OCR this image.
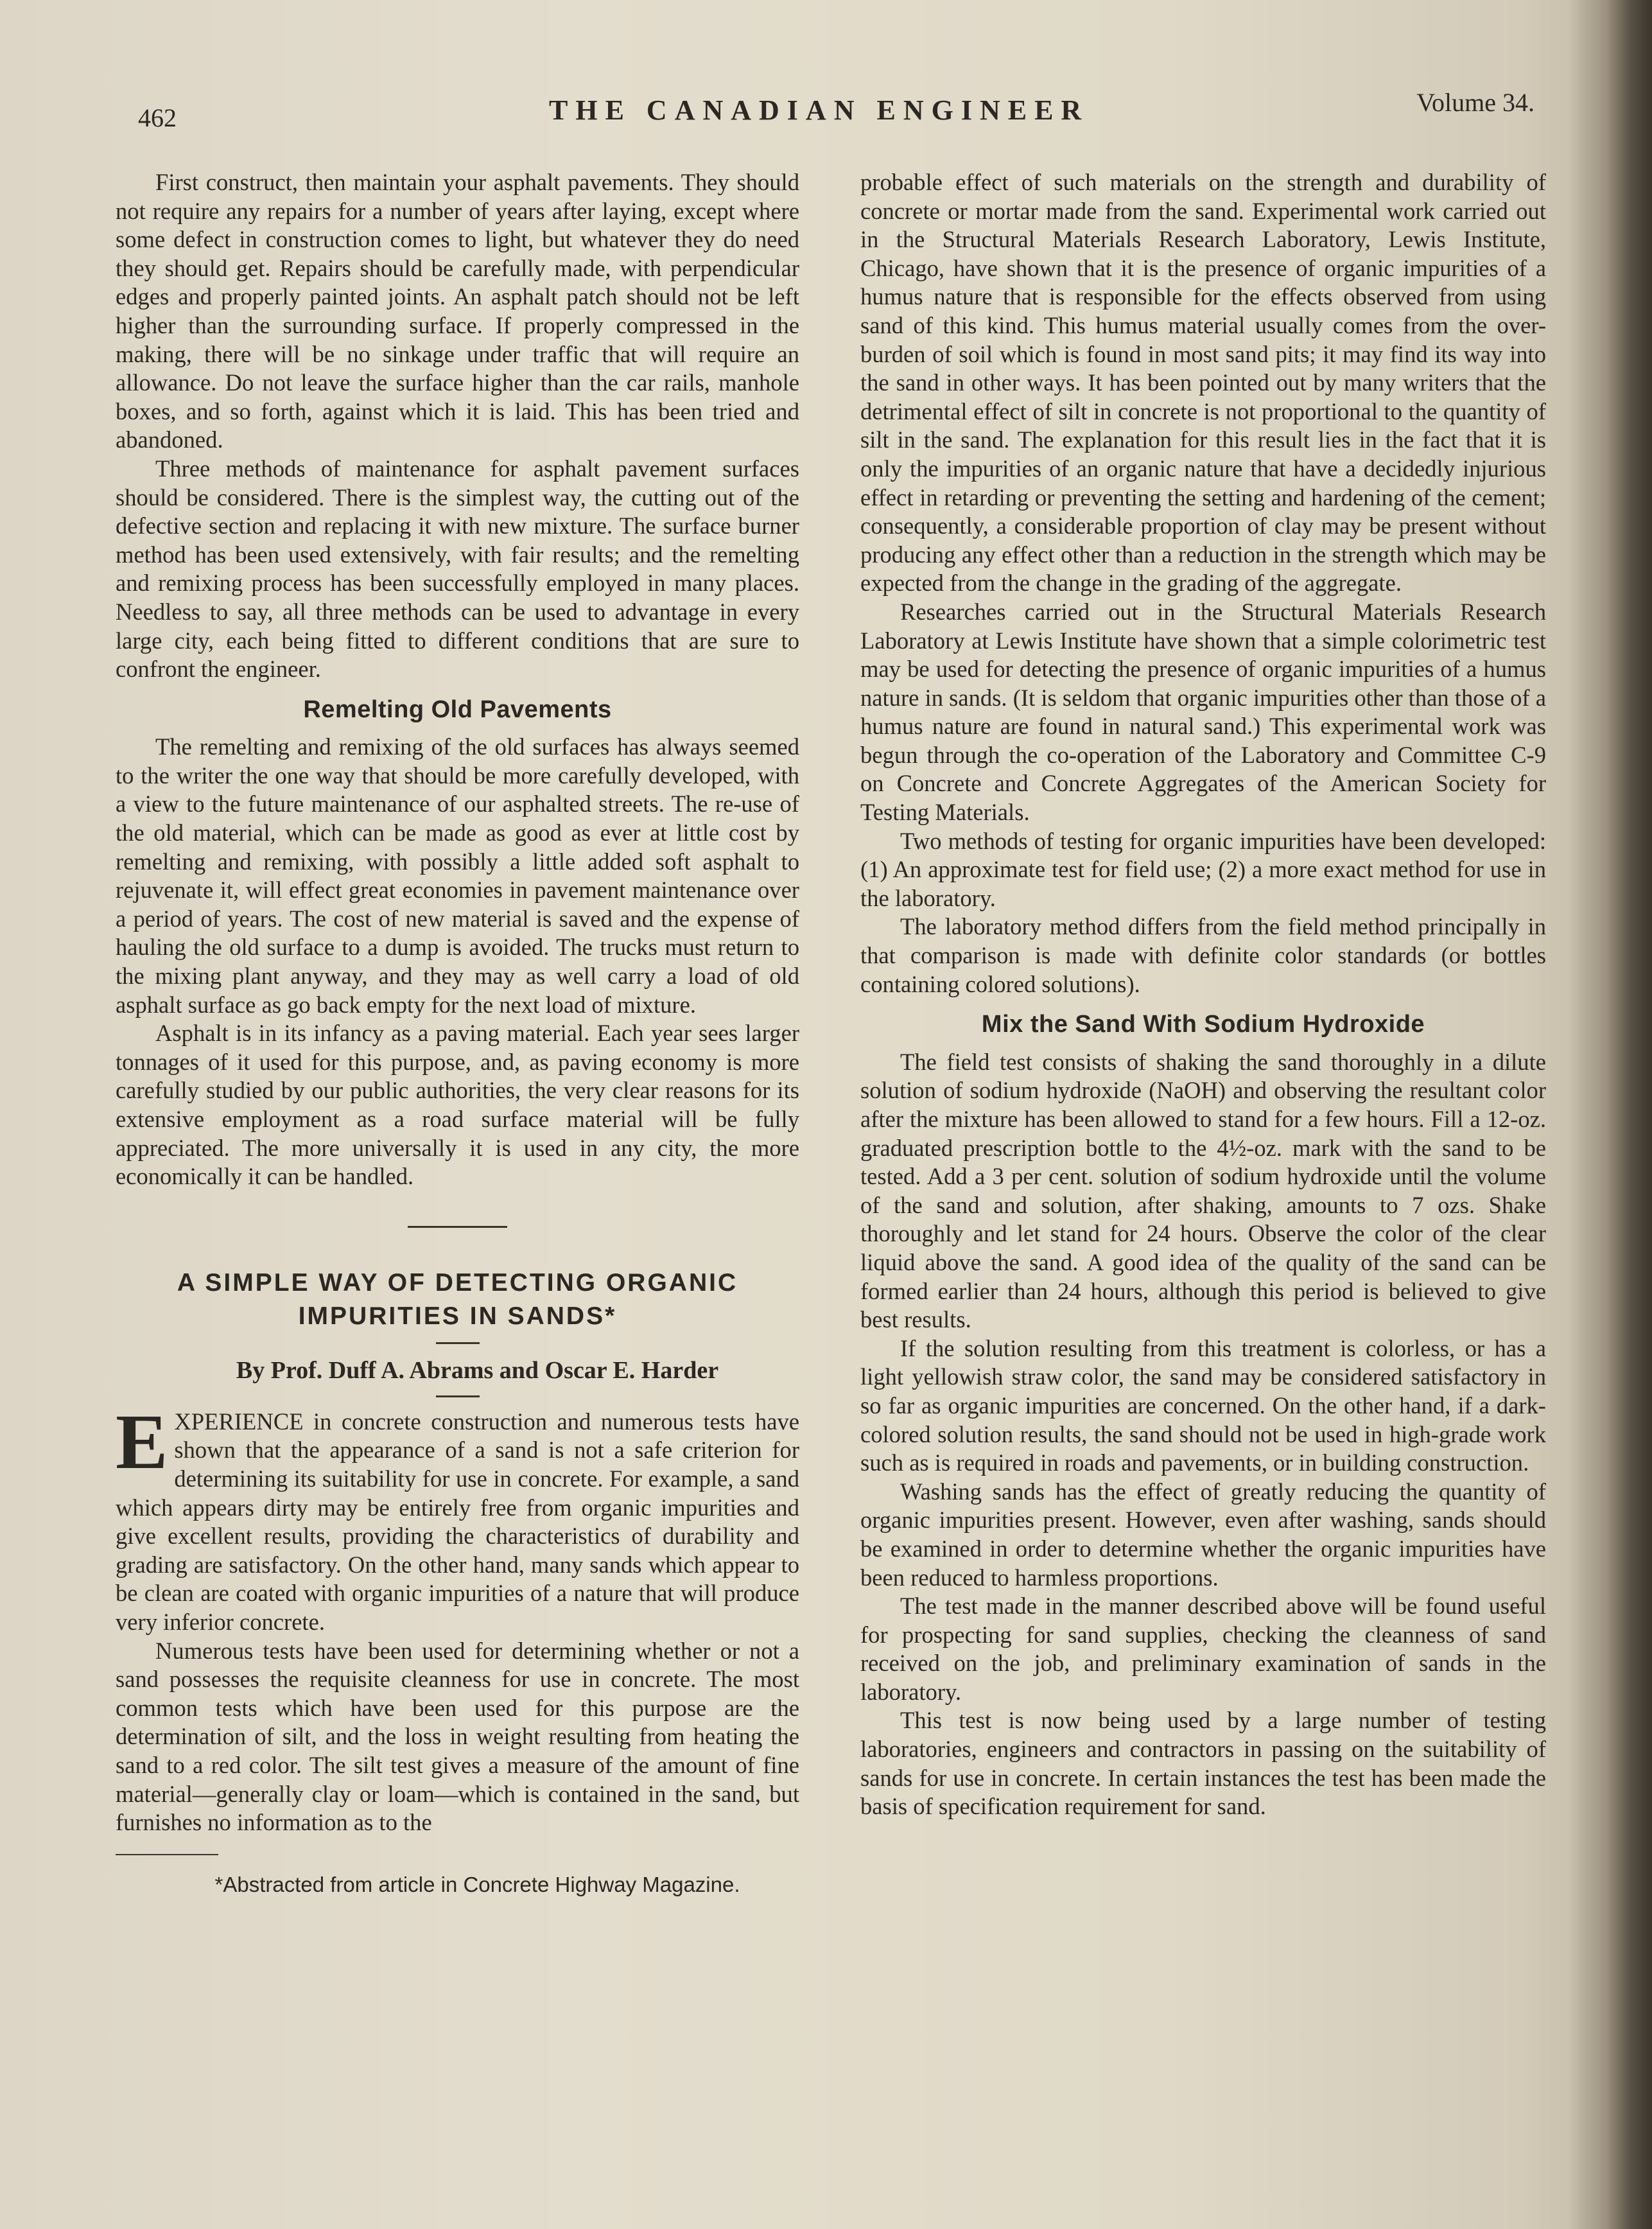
462	THE CANADIAN ENGINEER	Volume 34.

First construct, then maintain your asphalt pavements. They should not require any repairs for a number of years after laying, except where some defect in construction comes to light, but whatever they do need they should get. Repairs should be carefully made, with perpendicular edges and properly painted joints. An asphalt patch should not be left higher than the surrounding surface. If properly compressed in the making, there will be no sinkage under traffic that will require an allowance. Do not leave the surface higher than the car rails, manhole boxes, and so forth, against which it is laid. This has been tried and abandoned.

Three methods of maintenance for asphalt pavement surfaces should be considered. There is the simplest way, the cutting out of the defective section and replacing it with new mixture. The surface burner method has been used extensively, with fair results; and the remelting and remixing process has been successfully employed in many places. Needless to say, all three methods can be used to advantage in every large city, each being fitted to different conditions that are sure to confront the engineer.

Remelting Old Pavements

The remelting and remixing of the old surfaces has always seemed to the writer the one way that should be more carefully developed, with a view to the future maintenance of our asphalted streets. The re-use of the old material, which can be made as good as ever at little cost by remelting and remixing, with possibly a little added soft asphalt to rejuvenate it, will effect great economies in pavement maintenance over a period of years. The cost of new material is saved and the expense of hauling the old surface to a dump is avoided. The trucks must return to the mixing plant anyway, and they may as well carry a load of old asphalt surface as go back empty for the next load of mixture.

Asphalt is in its infancy as a paving material. Each year sees larger tonnages of it used for this purpose, and, as paving economy is more carefully studied by our public authorities, the very clear reasons for its extensive employment as a road surface material will be fully appreciated. The more universally it is used in any city, the more economically it can be handled.

A SIMPLE WAY OF DETECTING ORGANIC IMPURITIES IN SANDS*

By Prof. Duff A. Abrams and Oscar E. Harder

EXPERIENCE in concrete construction and numerous tests have shown that the appearance of a sand is not a safe criterion for determining its suitability for use in concrete. For example, a sand which appears dirty may be entirely free from organic impurities and give excellent results, providing the characteristics of durability and grading are satisfactory. On the other hand, many sands which appear to be clean are coated with organic impurities of a nature that will produce very inferior concrete.

Numerous tests have been used for determining whether or not a sand possesses the requisite cleanness for use in concrete. The most common tests which have been used for this purpose are the determination of silt, and the loss in weight resulting from heating the sand to a red color. The silt test gives a measure of the amount of fine material—generally clay or loam—which is contained in the sand, but furnishes no information as to the

*Abstracted from article in Concrete Highway Magazine.

probable effect of such materials on the strength and durability of concrete or mortar made from the sand. Experimental work carried out in the Structural Materials Research Laboratory, Lewis Institute, Chicago, have shown that it is the presence of organic impurities of a humus nature that is responsible for the effects observed from using sand of this kind. This humus material usually comes from the over-burden of soil which is found in most sand pits; it may find its way into the sand in other ways. It has been pointed out by many writers that the detrimental effect of silt in concrete is not proportional to the quantity of silt in the sand. The explanation for this result lies in the fact that it is only the impurities of an organic nature that have a decidedly injurious effect in retarding or preventing the setting and hardening of the cement; consequently, a considerable proportion of clay may be present without producing any effect other than a reduction in the strength which may be expected from the change in the grading of the aggregate.

Researches carried out in the Structural Materials Research Laboratory at Lewis Institute have shown that a simple colorimetric test may be used for detecting the presence of organic impurities of a humus nature in sands. (It is seldom that organic impurities other than those of a humus nature are found in natural sand.) This experimental work was begun through the co-operation of the Laboratory and Committee C-9 on Concrete and Concrete Aggregates of the American Society for Testing Materials.

Two methods of testing for organic impurities have been developed: (1) An approximate test for field use; (2) a more exact method for use in the laboratory.

The laboratory method differs from the field method principally in that comparison is made with definite color standards (or bottles containing colored solutions).

Mix the Sand With Sodium Hydroxide

The field test consists of shaking the sand thoroughly in a dilute solution of sodium hydroxide (NaOH) and observing the resultant color after the mixture has been allowed to stand for a few hours. Fill a 12-oz. graduated prescription bottle to the 4½-oz. mark with the sand to be tested. Add a 3 per cent. solution of sodium hydroxide until the volume of the sand and solution, after shaking, amounts to 7 ozs. Shake thoroughly and let stand for 24 hours. Observe the color of the clear liquid above the sand. A good idea of the quality of the sand can be formed earlier than 24 hours, although this period is believed to give best results.

If the solution resulting from this treatment is colorless, or has a light yellowish straw color, the sand may be considered satisfactory in so far as organic impurities are concerned. On the other hand, if a dark-colored solution results, the sand should not be used in high-grade work such as is required in roads and pavements, or in building construction.

Washing sands has the effect of greatly reducing the quantity of organic impurities present. However, even after washing, sands should be examined in order to determine whether the organic impurities have been reduced to harmless proportions.

The test made in the manner described above will be found useful for prospecting for sand supplies, checking the cleanness of sand received on the job, and preliminary examination of sands in the laboratory.

This test is now being used by a large number of testing laboratories, engineers and contractors in passing on the suitability of sands for use in concrete. In certain instances the test has been made the basis of specification requirement for sand.
